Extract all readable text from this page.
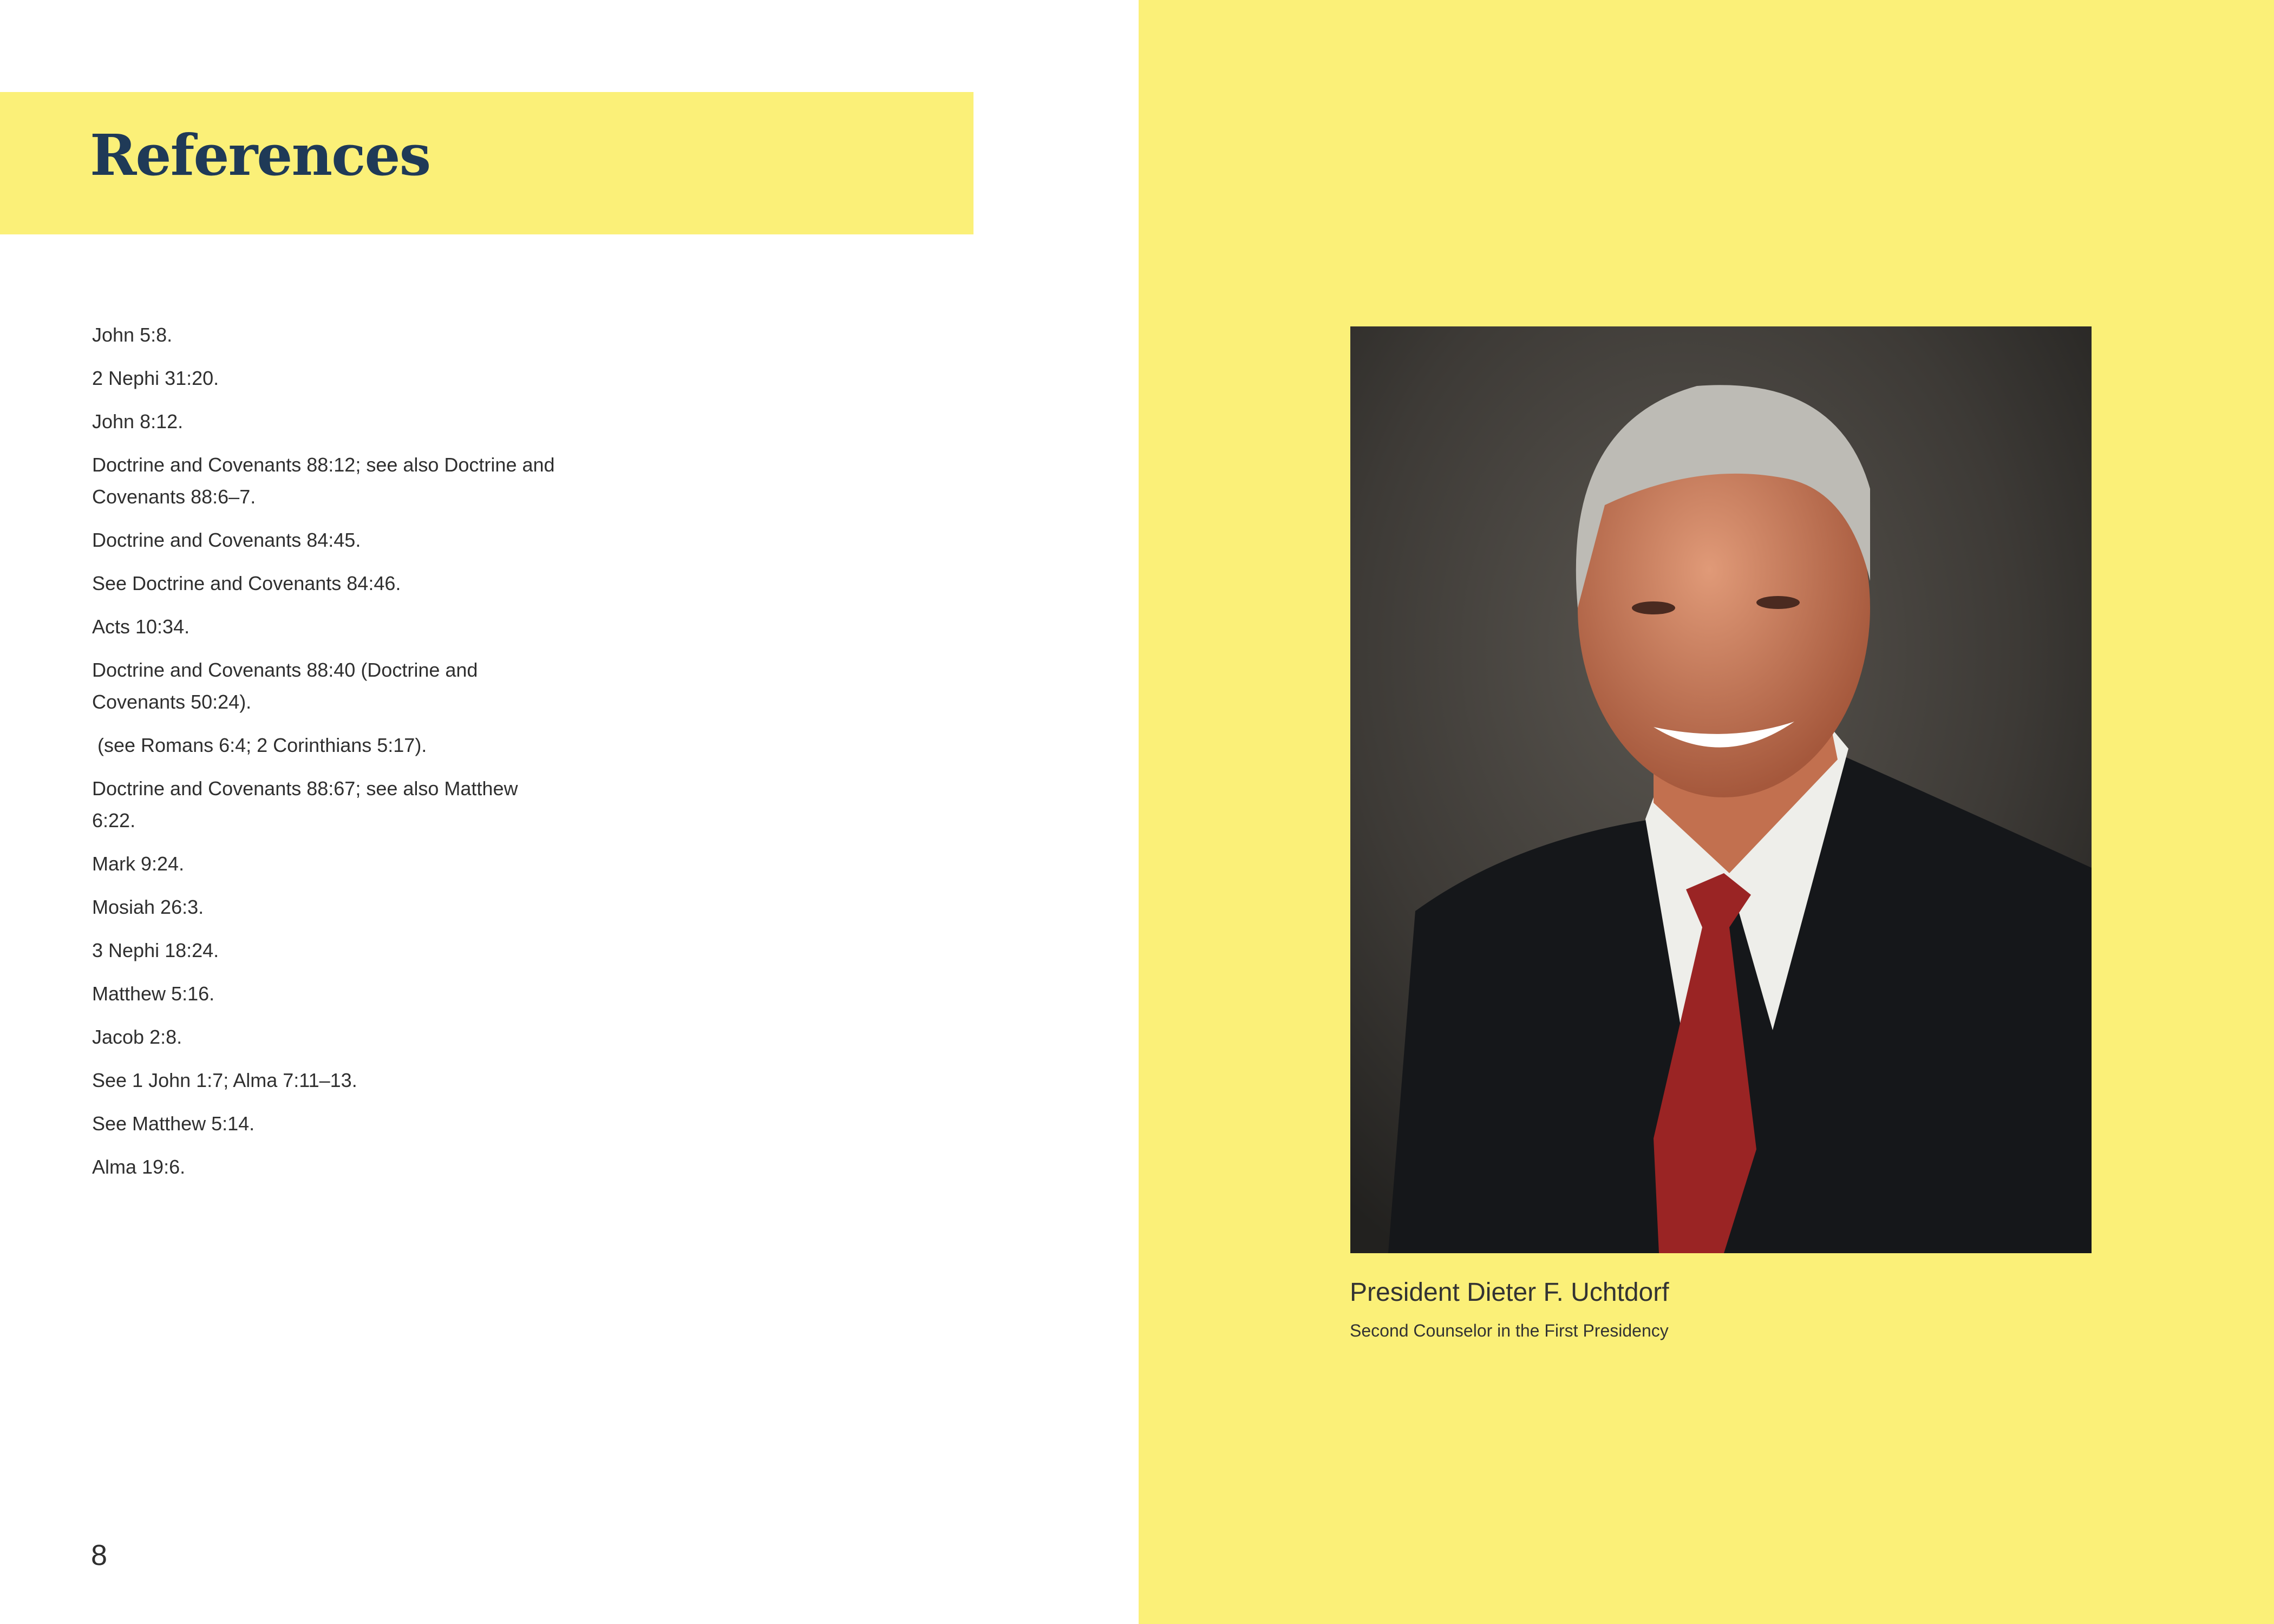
References
John 5:8.
2 Nephi 31:20.
John 8:12.
Doctrine and Covenants 88:12; see also Doctrine and Covenants 88:6–7.
Doctrine and Covenants 84:45.
See Doctrine and Covenants 84:46.
Acts 10:34.
Doctrine and Covenants 88:40 (Doctrine and Covenants 50:24).
(see Romans 6:4; 2 Corinthians 5:17).
Doctrine and Covenants 88:67; see also Matthew 6:22.
Mark 9:24.
Mosiah 26:3.
3 Nephi 18:24.
Matthew 5:16.
Jacob 2:8.
See 1 John 1:7; Alma 7:11–13.
See Matthew 5:14.
Alma 19:6.
8
President Dieter F. Uchtdorf
Second Counselor in the First Presidency
